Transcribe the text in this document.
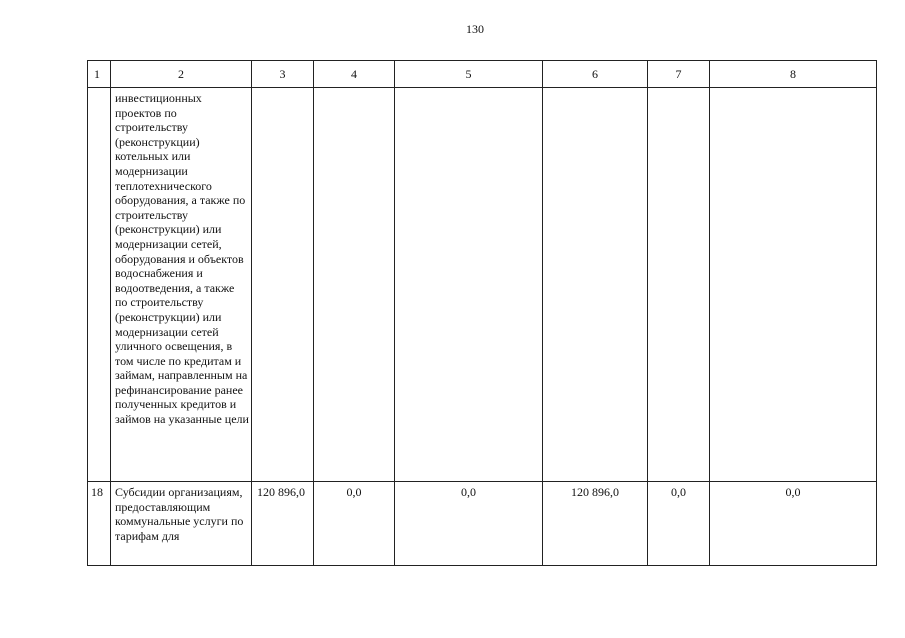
130
1	2	3	4	5	6	7	8

	инвестиционных проектов по строительству (реконструкции) котельных или модернизации теплотехнического оборудования, а также по строительству (реконструкции) или модернизации сетей, оборудования и объектов водоснабжения и водоотведения, а также по строительству (реконструкции) или модернизации сетей уличного освещения, в том числе по кредитам и займам, направленным на рефинансирование ранее полученных кредитов и займов на указанные цели						

18	Субсидии организациям, предоставляющим коммунальные услуги по тарифам для	120 896,0	0,0	0,0	120 896,0	0,0	0,0
